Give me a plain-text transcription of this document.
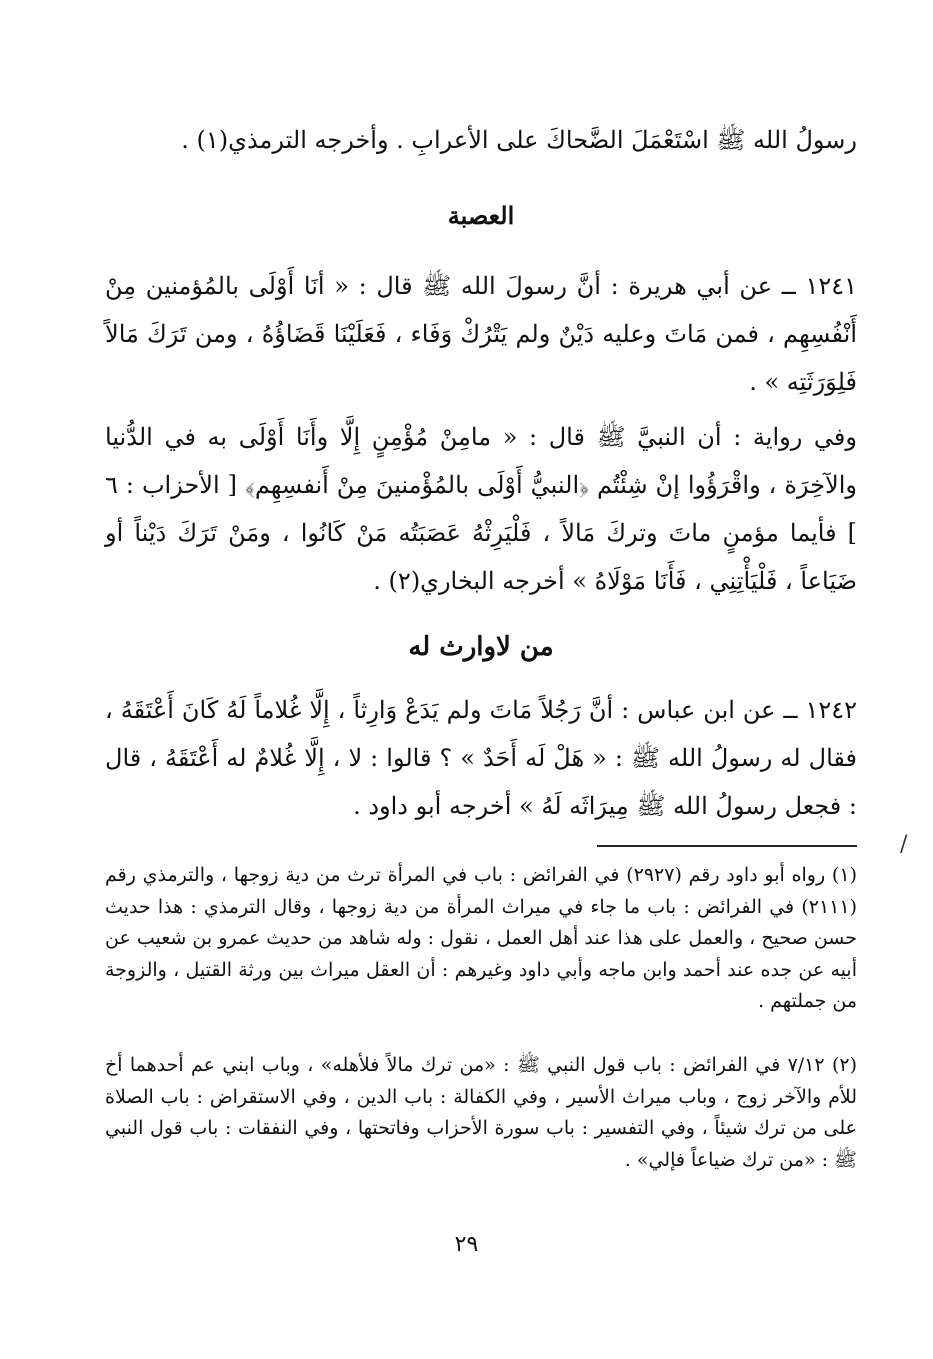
رسولُ الله ﷺ اسْتَعْمَلَ الضَّحاكَ على الأعرابِ . وأخرجه الترمذي(١) .
العصبة
١٢٤١ ــ عن أبي هريرة : أنَّ رسولَ الله ﷺ قال : « أنَا أَوْلَى بالمُؤمنين مِنْ أَنْفُسِهِم ، فمن مَاتَ وعليه دَيْنٌ ولم يَتْرُكْ وَفَاء ، فَعَلَيْنَا قَضَاؤُهُ ، ومن تَرَكَ مَالاً فَلِوَرَثَتِه » .
وفي رواية : أن النبيَّ ﷺ قال : « مامِنْ مُؤْمِنٍ إِلَّا وأَنَا أَوْلَى به في الدُّنيا والآخِرَة ، واقْرَؤُوا إنْ شِئْتُم ﴿النبيُّ أَوْلَى بالمُؤْمنينَ مِنْ أَنفسِهِم﴾ [ الأحزاب : ٦ ] فأيما مؤمنٍ ماتَ وتركَ مَالاً ، فَلْيَرِثْهُ عَصَبَتُه مَنْ كَانُوا ، ومَنْ تَرَكَ دَيْناً أو ضَيَاعاً ، فَلْيَأْتِنِي ، فَأَنَا مَوْلَاهُ » أخرجه البخاري(٢) .
من لاوارث له
١٢٤٢ ــ عن ابن عباس : أنَّ رَجُلاً مَاتَ ولم يَدَعْ وَارِثاً ، إِلَّا غُلاماً لَهُ كَانَ أَعْتَقَهُ ، فقال له رسولُ الله ﷺ : « هَلْ لَه أَحَدٌ » ؟ قالوا : لا ، إِلَّا غُلامٌ له أَعْتَقَهُ ، قال : فجعل رسولُ الله ﷺ مِيرَاثَه لَهُ » أخرجه أبو داود .
/
(١) رواه أبو داود رقم (٢٩٢٧) في الفرائض : باب في المرأة ترث من دية زوجها ، والترمذي رقم (٢١١١) في الفرائض : باب ما جاء في ميراث المرأة من دية زوجها ، وقال الترمذي : هذا حديث حسن صحيح ، والعمل على هذا عند أهل العمل ، نقول : وله شاهد من حديث عمرو بن شعيب عن أبيه عن جده عند أحمد وابن ماجه وأبي داود وغيرهم : أن العقل ميراث بين ورثة القتيل ، والزوجة من جملتهم .
(٢) ٧/١٢ في الفرائض : باب قول النبي ﷺ : «من ترك مالاً فلأهله» ، وباب ابني عم أحدهما أخ للأم والآخر زوج ، وباب ميراث الأسير ، وفي الكفالة : باب الدين ، وفي الاستقراض : باب الصلاة على من ترك شيئاً ، وفي التفسير : باب سورة الأحزاب وفاتحتها ، وفي النفقات : باب قول النبي ﷺ : «من ترك ضياعاً فإلي» .
٢٩
